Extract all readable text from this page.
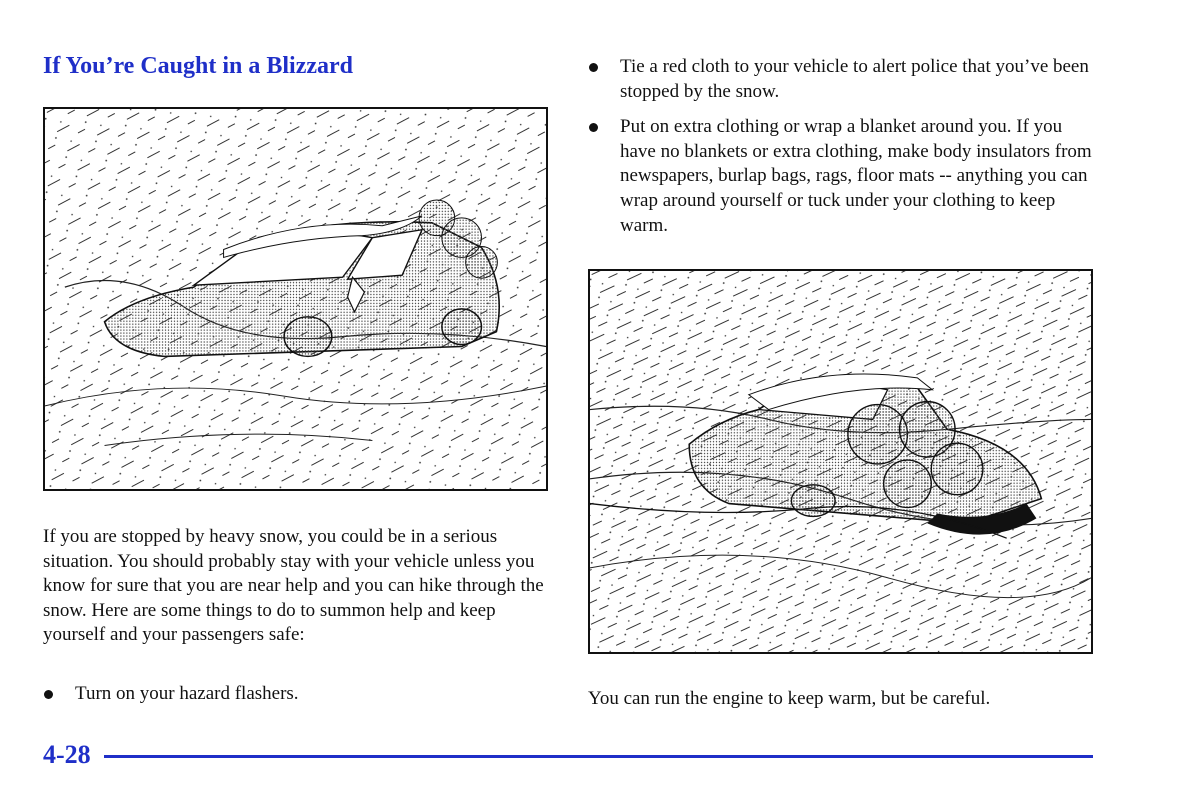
If You’re Caught in a Blizzard

If you are stopped by heavy snow, you could be in a serious situation. You should probably stay with your vehicle unless you know for sure that you are near help and you can hike through the snow. Here are some things to do to summon help and keep yourself and your passengers safe:

Turn on your hazard flashers.
Tie a red cloth to your vehicle to alert police that you’ve been stopped by the snow.
Put on extra clothing or wrap a blanket around you. If you have no blankets or extra clothing, make body insulators from newspapers, burlap bags, rags, floor mats -- anything you can wrap around yourself or tuck under your clothing to keep warm.

You can run the engine to keep warm, but be careful.

4-28
